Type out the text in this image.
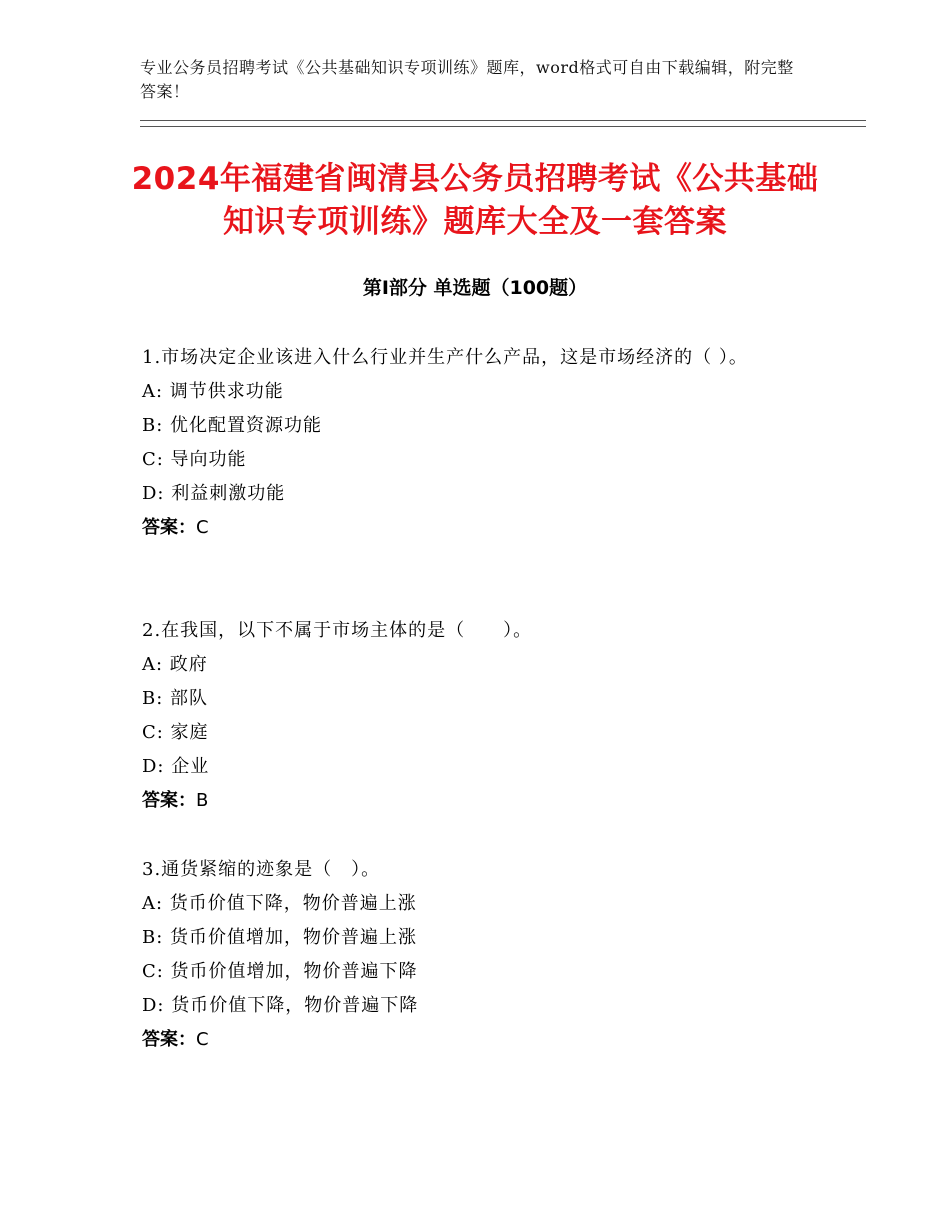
专业公务员招聘考试《公共基础知识专项训练》题库，word格式可自由下载编辑，附完整答案！
2024年福建省闽清县公务员招聘考试《公共基础知识专项训练》题库大全及一套答案
第Ⅰ部分 单选题（100题）
1.市场决定企业该进入什么行业并生产什么产品，这是市场经济的（ ）。
A: 调节供求功能
B: 优化配置资源功能
C: 导向功能
D: 利益刺激功能
答案：C
2.在我国，以下不属于市场主体的是（　　）。
A: 政府
B: 部队
C: 家庭
D: 企业
答案：B
3.通货紧缩的迹象是（　）。
A: 货币价值下降，物价普遍上涨
B: 货币价值增加，物价普遍上涨
C: 货币价值增加，物价普遍下降
D: 货币价值下降，物价普遍下降
答案：C
